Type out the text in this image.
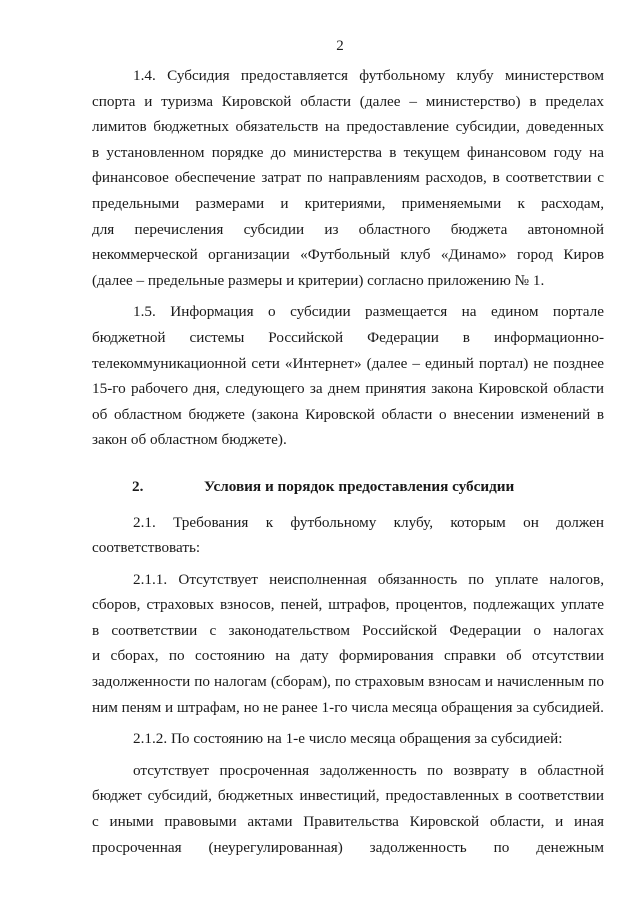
2
1.4. Субсидия предоставляется футбольному клубу министерством
спорта и туризма Кировской области (далее – министерство) в пределах
лимитов бюджетных обязательств на предоставление субсидии, доведенных
в установленном порядке до министерства в текущем финансовом году на
финансовое обеспечение затрат по направлениям расходов, в соответствии с
предельными размерами и критериями, применяемыми к расходам,
для перечисления субсидии из областного бюджета автономной
некоммерческой организации «Футбольный клуб «Динамо» город Киров
(далее – предельные размеры и критерии) согласно приложению № 1.
1.5. Информация о субсидии размещается на едином портале
бюджетной системы Российской Федерации в информационно-
телекоммуникационной сети «Интернет» (далее – единый портал) не позднее
15-го рабочего дня, следующего за днем принятия закона Кировской области
об областном бюджете (закона Кировской области о внесении изменений в
закон об областном бюджете).
2.	Условия и порядок предоставления субсидии
2.1. Требования к футбольному клубу, которым он должен
соответствовать:
2.1.1. Отсутствует неисполненная обязанность по уплате налогов,
сборов, страховых взносов, пеней, штрафов, процентов, подлежащих уплате
в соответствии с законодательством Российской Федерации о налогах
и сборах, по состоянию на дату формирования справки об отсутствии
задолженности по налогам (сборам), по страховым взносам и начисленным по
ним пеням и штрафам, но не ранее 1-го числа месяца обращения за субсидией.
2.1.2. По состоянию на 1-е число месяца обращения за субсидией:
отсутствует просроченная задолженность по возврату в областной
бюджет субсидий, бюджетных инвестиций, предоставленных в соответствии
с иными правовыми актами Правительства Кировской области, и иная
просроченная (неурегулированная) задолженность по денежным
